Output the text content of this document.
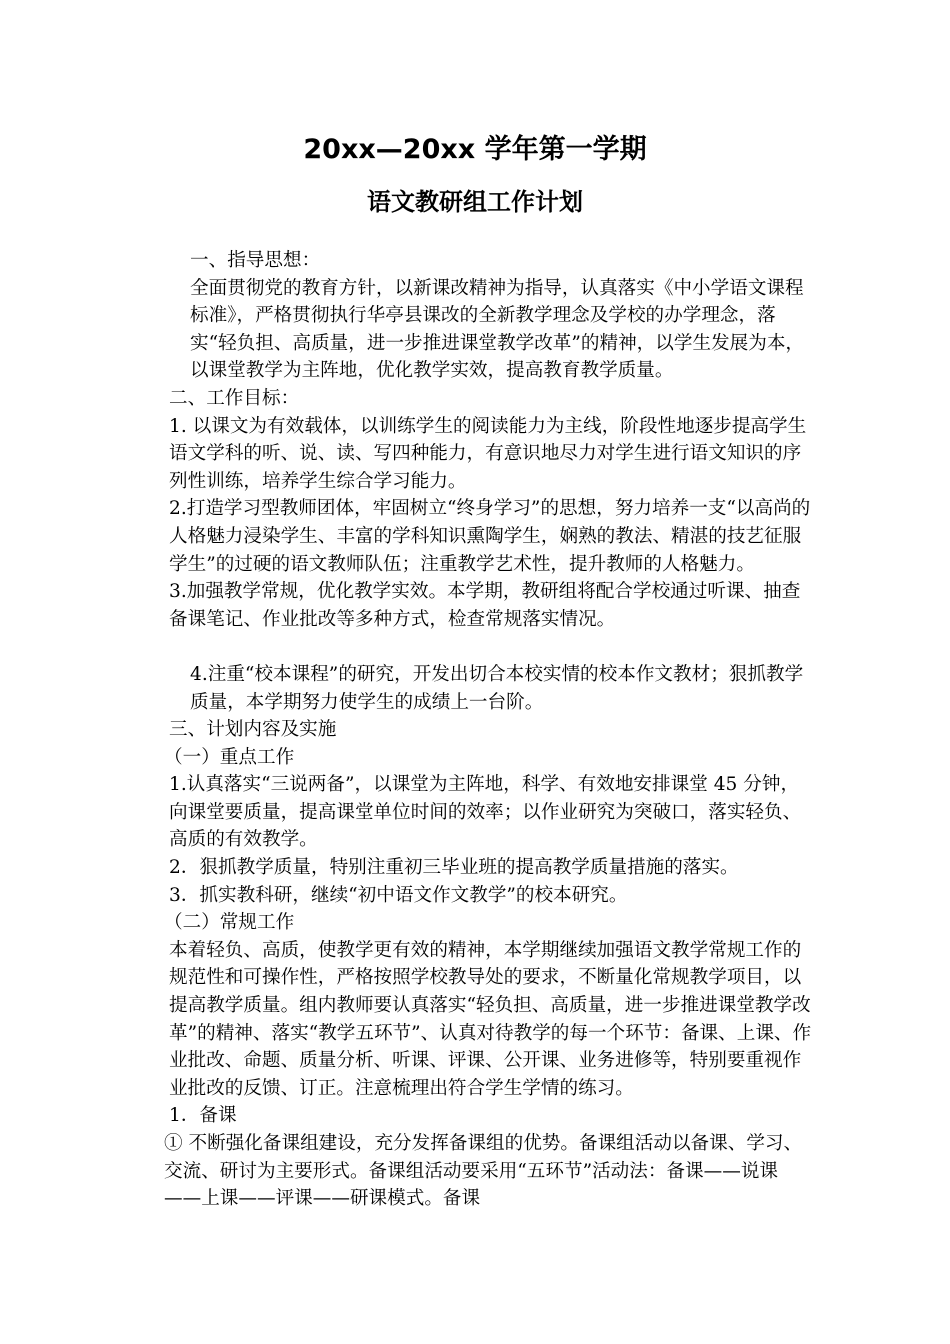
20xx—20xx 学年第一学期
语文教研组工作计划

一、指导思想：

全面贯彻党的教育方针，以新课改精神为指导，认真落实《中小学语文课程标准》，严格贯彻执行华亭县课改的全新教学理念及学校的办学理念，落实“轻负担、高质量，进一步推进课堂教学改革”的精神，以学生发展为本，以课堂教学为主阵地，优化教学实效，提高教育教学质量。

二、工作目标：

1. 以课文为有效载体，以训练学生的阅读能力为主线，阶段性地逐步提高学生语文学科的听、说、读、写四种能力，有意识地尽力对学生进行语文知识的序列性训练，培养学生综合学习能力。

2.打造学习型教师团体，牢固树立“终身学习”的思想，努力培养一支“以高尚的人格魅力浸染学生、丰富的学科知识熏陶学生，娴熟的教法、精湛的技艺征服学生”的过硬的语文教师队伍；注重教学艺术性，提升教师的人格魅力。

3.加强教学常规，优化教学实效。本学期，教研组将配合学校通过听课、抽查备课笔记、作业批改等多种方式，检查常规落实情况。

4.注重“校本课程”的研究，开发出切合本校实情的校本作文教材；狠抓教学质量，本学期努力使学生的成绩上一台阶。

三、计划内容及实施

（一）重点工作

1.认真落实“三说两备”，以课堂为主阵地，科学、有效地安排课堂 45 分钟，向课堂要质量，提高课堂单位时间的效率；以作业研究为突破口，落实轻负、高质的有效教学。

2．狠抓教学质量，特别注重初三毕业班的提高教学质量措施的落实。

3．抓实教科研，继续“初中语文作文教学”的校本研究。

（二）常规工作

本着轻负、高质，使教学更有效的精神，本学期继续加强语文教学常规工作的规范性和可操作性，严格按照学校教导处的要求，不断量化常规教学项目，以提高教学质量。组内教师要认真落实“轻负担、高质量，进一步推进课堂教学改革”的精神、落实“教学五环节”、认真对待教学的每一个环节：备课、上课、作业批改、命题、质量分析、听课、评课、公开课、业务进修等，特别要重视作业批改的反馈、订正。注意梳理出符合学生学情的练习。

1．备课

① 不断强化备课组建设，充分发挥备课组的优势。备课组活动以备课、学习、交流、研讨为主要形式。备课组活动要采用“五环节”活动法：备课——说课——上课——评课——研课模式。备课
